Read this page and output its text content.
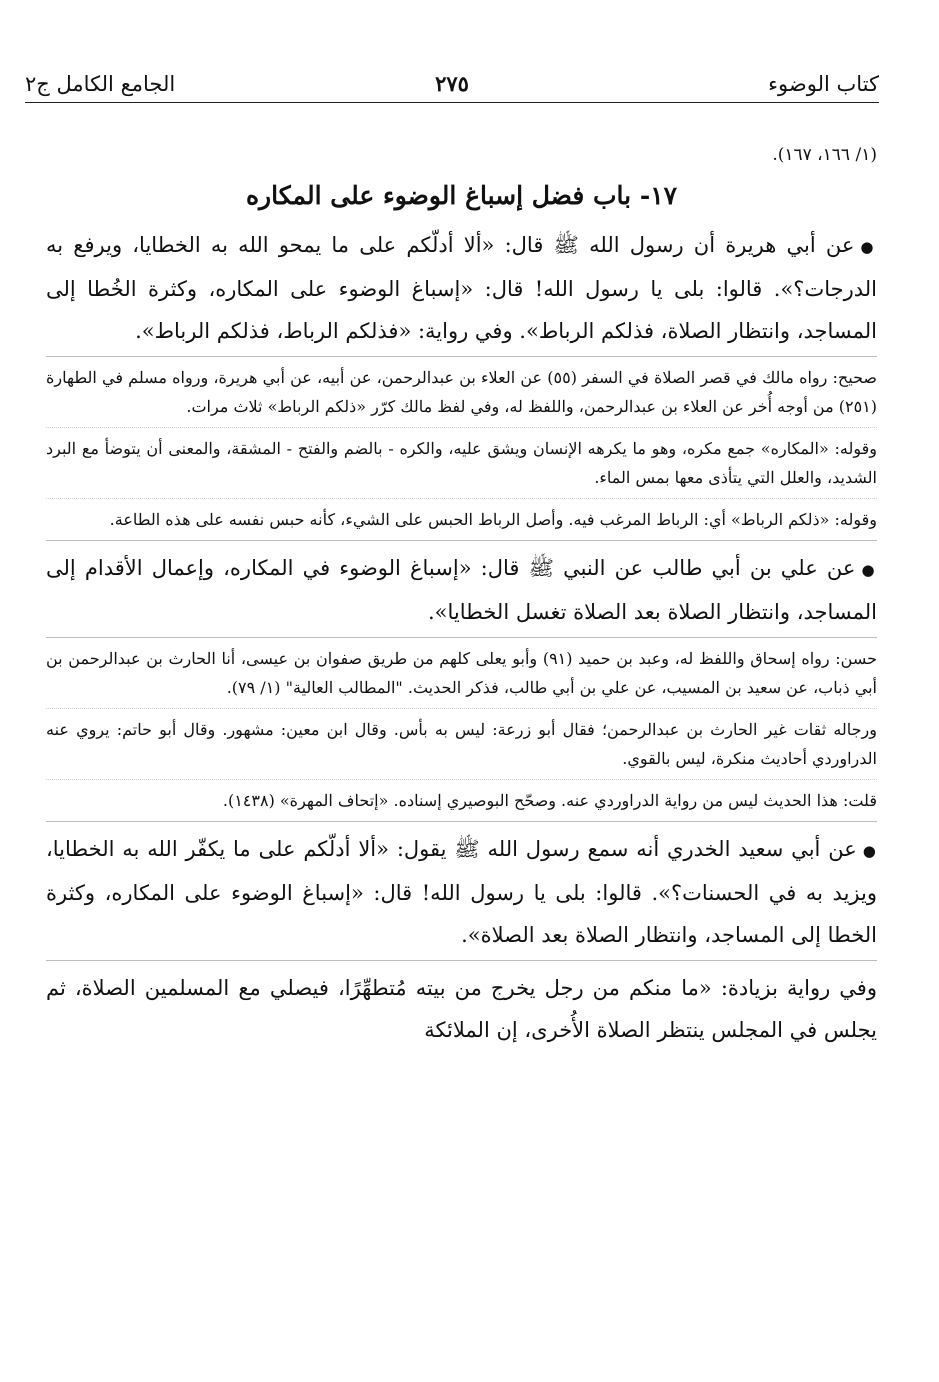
كتاب الوضوء
٢٧٥
الجامع الكامل ج٢

(١/ ١٦٦، ١٦٧).

١٧- باب فضل إسباغ الوضوء على المكاره

●عن أبي هريرة أن رسول الله ﷺ قال: «ألا أدلّكم على ما يمحو الله به الخطايا، ويرفع به الدرجات؟». قالوا: بلى يا رسول الله! قال: «إسباغ الوضوء على المكاره، وكثرة الخُطا إلى المساجد، وانتظار الصلاة، فذلكم الرباط». وفي رواية: «فذلكم الرباط، فذلكم الرباط».

صحيح: رواه مالك في قصر الصلاة في السفر (٥٥) عن العلاء بن عبدالرحمن، عن أبيه، عن أبي هريرة، ورواه مسلم في الطهارة (٢٥١) من أوجه أُخر عن العلاء بن عبدالرحمن، واللفظ له، وفي لفظ مالك كرّر «ذلكم الرباط» ثلاث مرات.

وقوله: «المكاره» جمع مكره، وهو ما يكرهه الإنسان ويشق عليه، والكره - بالضم والفتح - المشقة، والمعنى أن يتوضأ مع البرد الشديد، والعلل التي يتأذى معها بمس الماء.

وقوله: «ذلكم الرباط» أي: الرباط المرغب فيه. وأصل الرباط الحبس على الشيء، كأنه حبس نفسه على هذه الطاعة.

●عن علي بن أبي طالب عن النبي ﷺ قال: «إسباغ الوضوء في المكاره، وإعمال الأقدام إلى المساجد، وانتظار الصلاة بعد الصلاة تغسل الخطايا».

حسن: رواه إسحاق واللفظ له، وعبد بن حميد (٩١) وأبو يعلى كلهم من طريق صفوان بن عيسى، أنا الحارث بن عبدالرحمن بن أبي ذباب، عن سعيد بن المسيب، عن علي بن أبي طالب، فذكر الحديث. "المطالب العالية" (١/ ٧٩).

ورجاله ثقات غير الحارث بن عبدالرحمن؛ فقال أبو زرعة: ليس به بأس. وقال ابن معين: مشهور. وقال أبو حاتم: يروي عنه الدراوردي أحاديث منكرة، ليس بالقوي.

قلت: هذا الحديث ليس من رواية الدراوردي عنه. وصحّح البوصيري إسناده. «إتحاف المهرة» (١٤٣٨).

●عن أبي سعيد الخدري أنه سمع رسول الله ﷺ يقول: «ألا أدلّكم على ما يكفّر الله به الخطايا، ويزيد به في الحسنات؟». قالوا: بلى يا رسول الله! قال: «إسباغ الوضوء على المكاره، وكثرة الخطا إلى المساجد، وانتظار الصلاة بعد الصلاة».

وفي رواية بزيادة: «ما منكم من رجل يخرج من بيته مُتطهِّرًا، فيصلي مع المسلمين الصلاة، ثم يجلس في المجلس ينتظر الصلاة الأُخرى، إن الملائكة
